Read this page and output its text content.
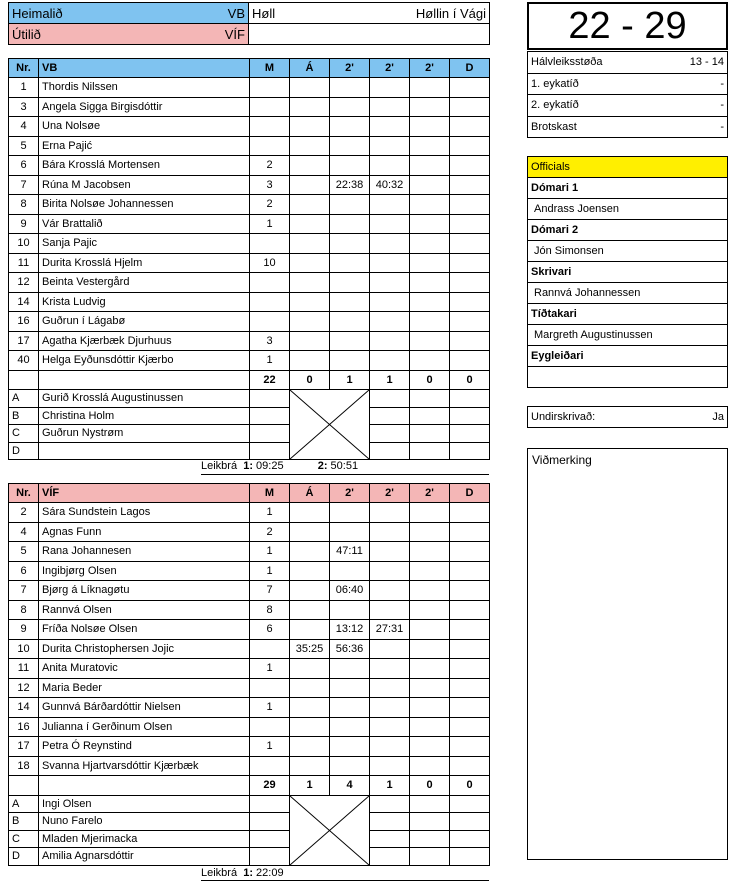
Heimalið VB	Høll Høllin í Vági

Útilið VÍF	

Nr.	VB	M	Á	2'	2'	2'	D
1	Thordis Nilssen						
3	Angela Sigga Birgisdóttir						
4	Una Nolsøe						
5	Erna Pajić						
6	Bára Krosslá Mortensen	2					
7	Rúna M Jacobsen	3		22:38	40:32		
8	Birita Nolsøe Johannessen	2					
9	Vár Brattalið	1					
10	Sanja Pajic						
11	Durita Krosslá Hjelm	10					
12	Beinta Vestergård						
14	Krista Ludvig						
16	Guðrun í Lágabø						
17	Agatha Kjærbæk Djurhuus	3					
40	Helga Eyðunsdóttir Kjærbo	1					
		22	0	1	1	0	0
A	Gurið Krosslá Augustinussen		

B	Christina Holm						
C	Guðrun Nystrøm						
D							
Leikbrá 1: 09:25	2: 50:51
Nr.	VÍF	M	Á	2'	2'	2'	D
2	Sára Sundstein Lagos	1					
4	Agnas Funn	2					
5	Rana Johannesen	1		47:11			
6	Ingibjørg Olsen	1					
7	Bjørg á Líknagøtu	7		06:40			
8	Rannvá Olsen	8					
9	Fríða Nolsøe Olsen	6		13:12	27:31		
10	Durita Christophersen Jojic		35:25	56:36			
11	Anita Muratovic	1					
12	Maria Beder						
14	Gunnvá Bárðardóttir Nielsen	1					
16	Julianna í Gerðinum Olsen						
17	Petra Ó Reynstind	1					
18	Svanna Hjartvarsdóttir Kjærbæk						
		29	1	4	1	0	0
A	Ingi Olsen		

B	Nuno Farelo						
C	Mladen Mjerimacka						
D	Amilia Agnarsdóttir						
Leikbrá 1: 22:09
22 - 29
Hálvleiksstøða	13 - 14

1. eykatíð	-

2. eykatíð	-

Brotskast	-
Officials
Dómari 1
Andrass Joensen
Dómari 2
Jón Simonsen
Skrivari
Rannvá Johannessen
Tíðtakari
Margreth Augustinussen
Eygleiðari

Undirskrivað:	Ja
Viðmerking
